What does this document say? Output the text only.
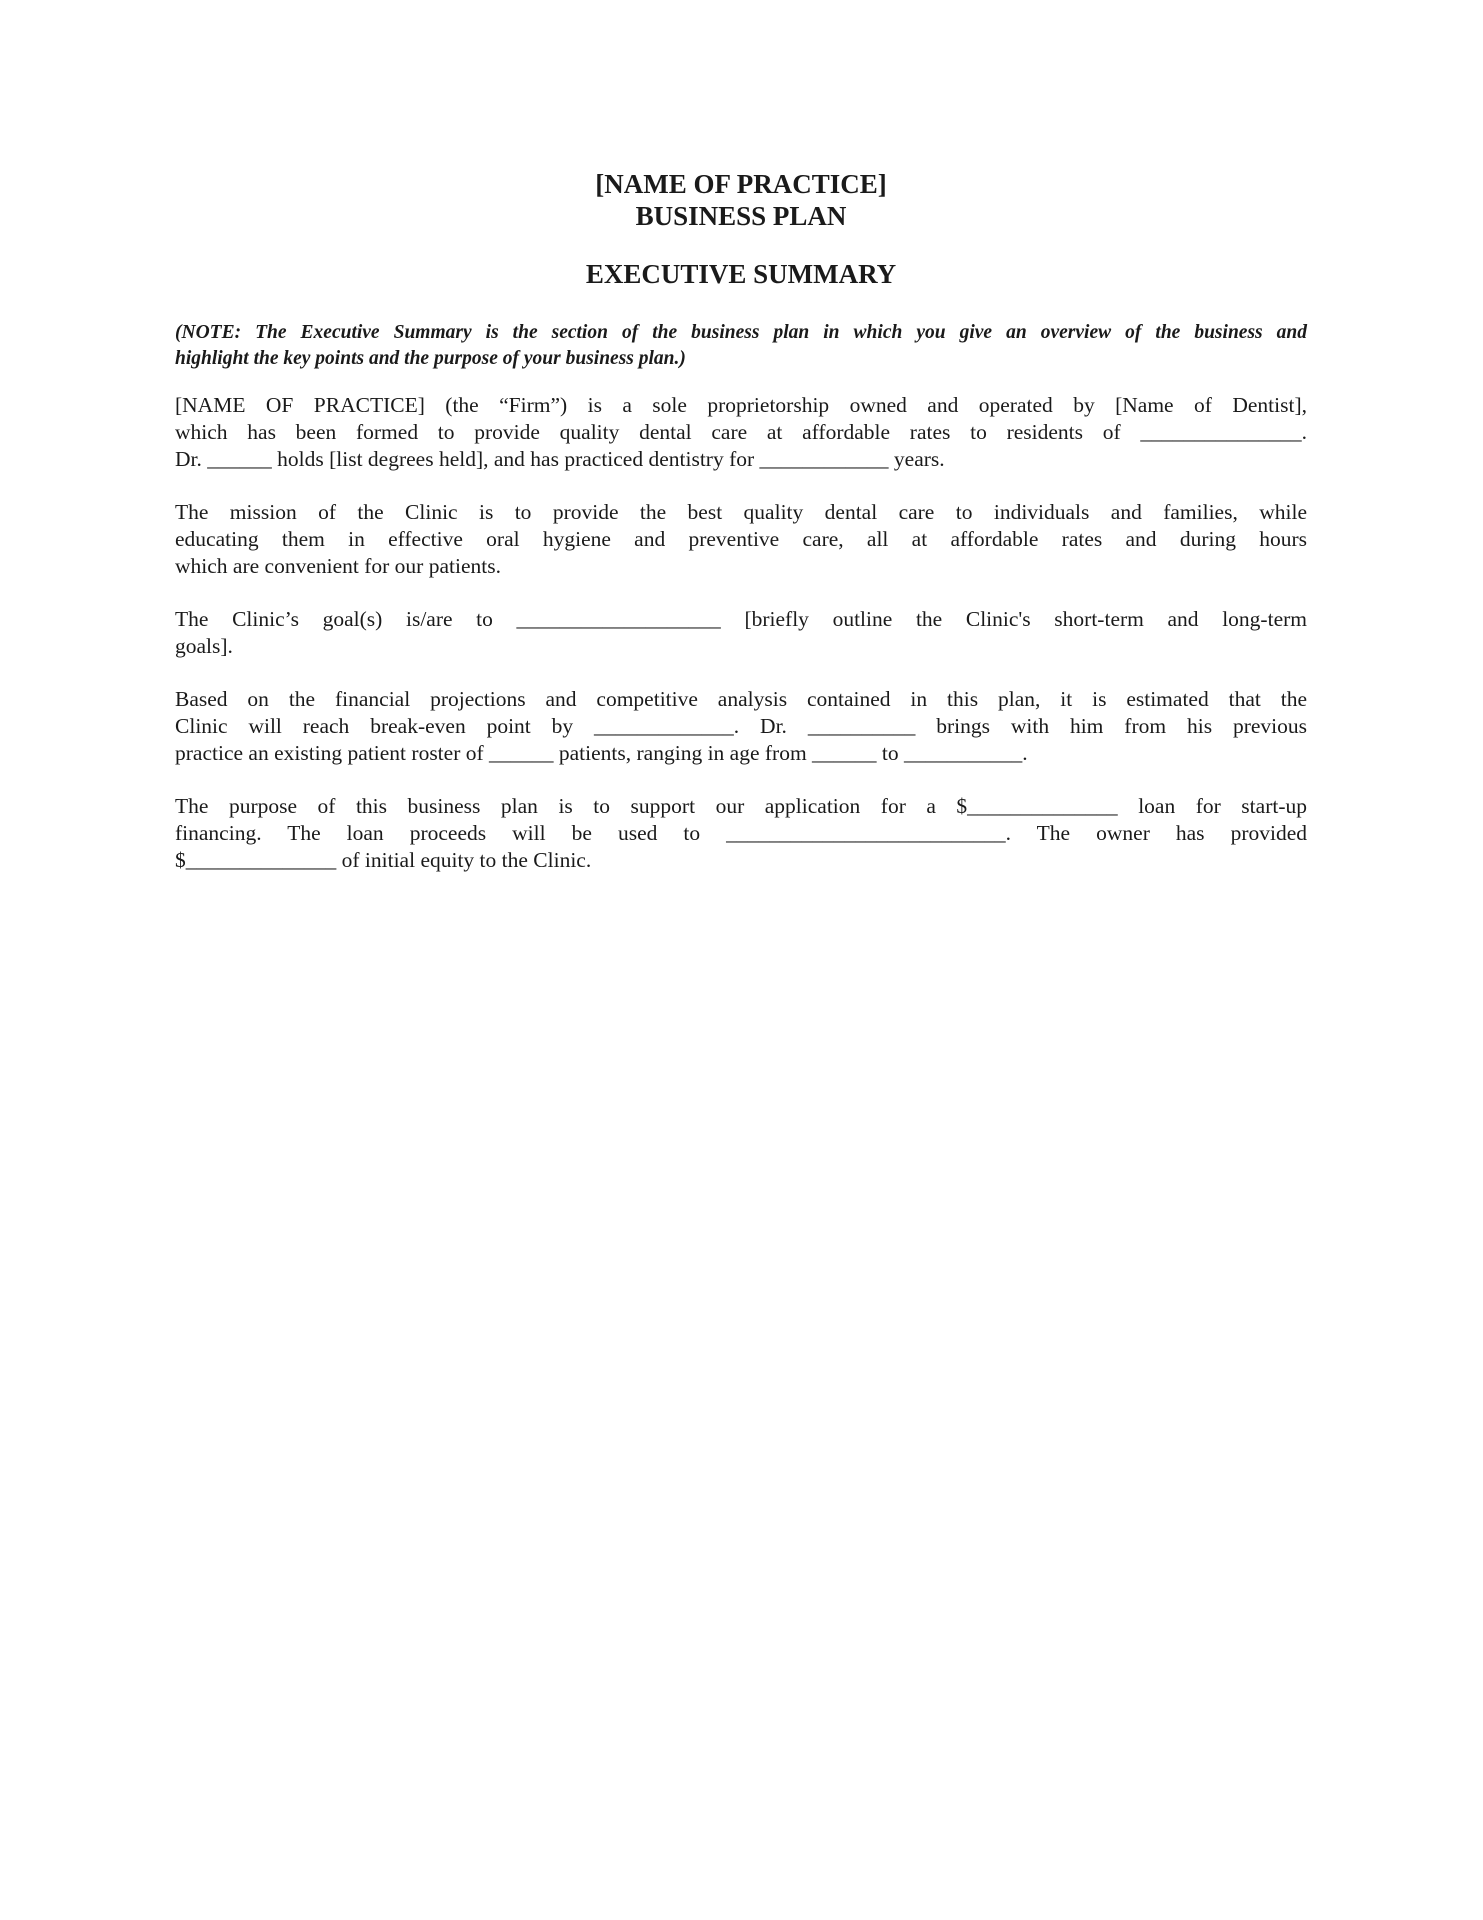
[NAME OF PRACTICE]

BUSINESS PLAN

EXECUTIVE SUMMARY

(NOTE: The Executive Summary is the section of the business plan in which you give an overview of the business and
highlight the key points and the purpose of your business plan.)
[NAME OF PRACTICE] (the “Firm”) is a sole proprietorship owned and operated by [Name of Dentist],
which has been formed to provide quality dental care at affordable rates to residents of _______________.
Dr. ______ holds [list degrees held], and has practiced dentistry for ____________ years.
The mission of the Clinic is to provide the best quality dental care to individuals and families, while
educating them in effective oral hygiene and preventive care, all at affordable rates and during hours
which are convenient for our patients.
The Clinic’s goal(s) is/are to ___________________ [briefly outline the Clinic's short-term and long-term
goals].
Based on the financial projections and competitive analysis contained in this plan, it is estimated that the
Clinic will reach break-even point by _____________. Dr. __________ brings with him from his previous
practice an existing patient roster of ______ patients, ranging in age from ______ to ___________.
The purpose of this business plan is to support our application for a $______________ loan for start-up
financing. The loan proceeds will be used to __________________________. The owner has provided
$______________ of initial equity to the Clinic.
